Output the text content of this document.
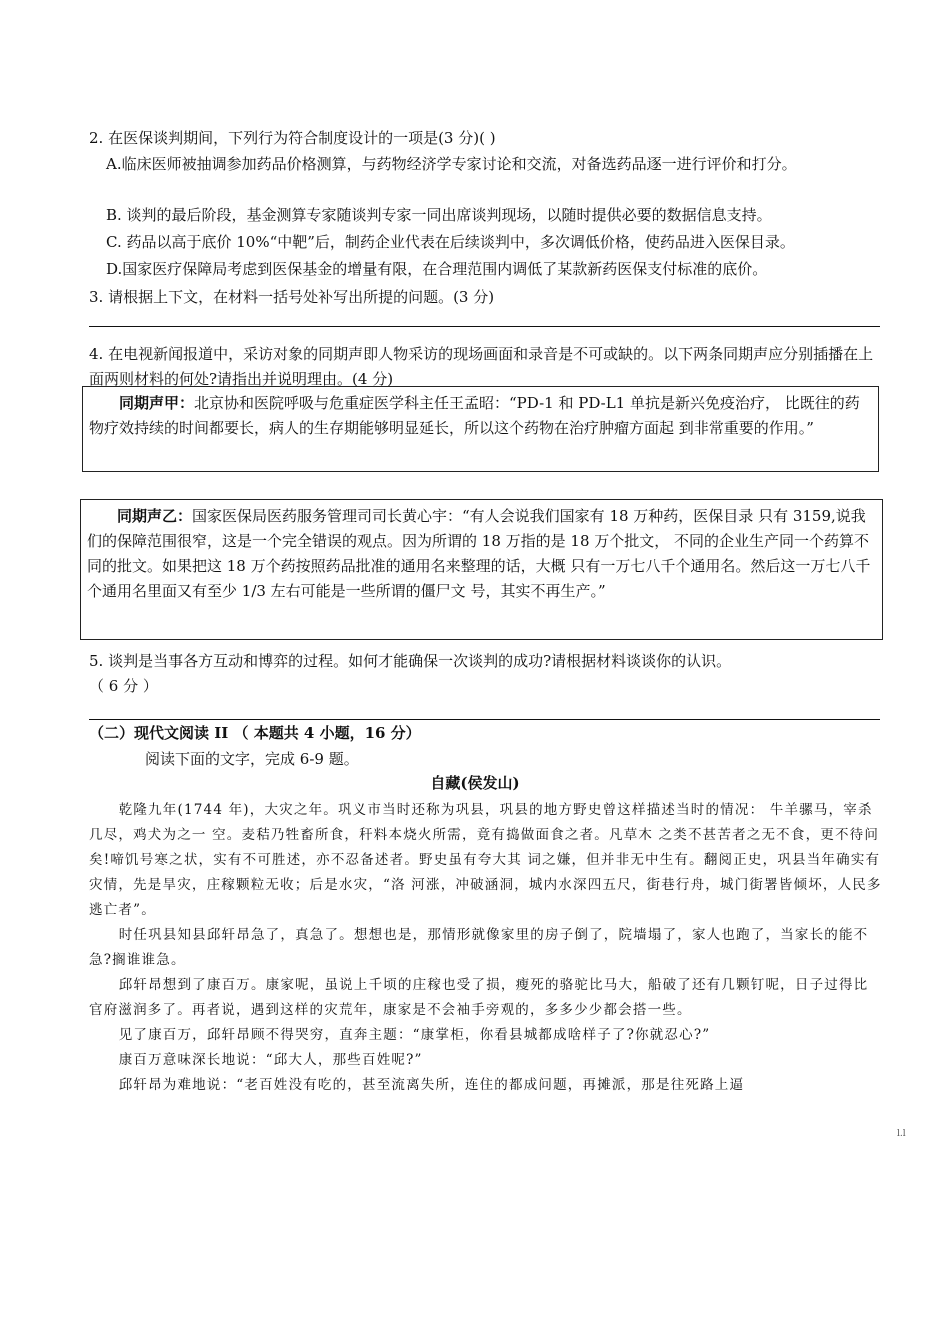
2. 在医保谈判期间，下列行为符合制度设计的一项是(3 分)( )
A.临床医师被抽调参加药品价格测算，与药物经济学专家讨论和交流，对备选药品逐一进行评价和打分。
B. 谈判的最后阶段，基金测算专家随谈判专家一同出席谈判现场，以随时提供必要的数据信息支持。
C. 药品以高于底价 10%“中靶”后，制药企业代表在后续谈判中，多次调低价格，使药品进入医保目录。
D.国家医疗保障局考虑到医保基金的增量有限，在合理范围内调低了某款新药医保支付标准的底价。
3. 请根据上下文，在材料一括号处补写出所提的问题。(3 分)
4. 在电视新闻报道中，采访对象的同期声即人物采访的现场画面和录音是不可或缺的。以下两条同期声应分别插播在上面两则材料的何处?请指出并说明理由。(4 分)
同期声甲：北京协和医院呼吸与危重症医学科主任王孟昭：“PD-1 和 PD-L1 单抗是新兴免疫治疗， 比既往的药物疗效持续的时间都要长，病人的生存期能够明显延长，所以这个药物在治疗肿瘤方面起 到非常重要的作用。”
同期声乙：国家医保局医药服务管理司司长黄心宇：“有人会说我们国家有 18 万种药，医保目录 只有 3159,说我们的保障范围很窄，这是一个完全错误的观点。因为所谓的 18 万指的是 18 万个批文， 不同的企业生产同一个药算不同的批文。如果把这 18 万个药按照药品批准的通用名来整理的话，大概 只有一万七八千个通用名。然后这一万七八千个通用名里面又有至少 1/3 左右可能是一些所谓的僵尸文 号，其实不再生产。”
5. 谈判是当事各方互动和博弈的过程。如何才能确保一次谈判的成功?请根据材料谈谈你的认识。
（ 6 分 ）
（二）现代文阅读 II （ 本题共 4 小题，16 分）
阅读下面的文字，完成 6-9 题。
自藏(侯发山)

乾隆九年(1744 年)，大灾之年。巩义市当时还称为巩县，巩县的地方野史曾这样描述当时的情况： 牛羊骡马，宰杀几尽，鸡犬为之一 空。麦秸乃牲畜所食，秆料本烧火所需，竟有捣做面食之者。凡草木 之类不甚苦者之无不食，更不待问矣!啼饥号寒之状，实有不可胜述，亦不忍备述者。野史虽有夸大其 词之嫌，但并非无中生有。翻阅正史，巩县当年确实有灾情，先是旱灾，庄稼颗粒无收；后是水灾，“洛 河涨，冲破涵洞，城内水深四五尺，街巷行舟，城门街署皆倾坏，人民多逃亡者”。

时任巩县知县邱轩昂急了，真急了。想想也是，那情形就像家里的房子倒了，院墙塌了，家人也跑了，当家长的能不急?搁谁谁急。

邱轩昂想到了康百万。康家呢，虽说上千顷的庄稼也受了损，瘦死的骆驼比马大，船破了还有几颗钉呢，日子过得比官府滋润多了。再者说，遇到这样的灾荒年，康家是不会袖手旁观的，多多少少都会搭一些。

见了康百万，邱轩昂顾不得哭穷，直奔主题：“康掌柜，你看县城都成啥样子了?你就忍心?”

康百万意味深长地说：“邱大人，那些百姓呢?”

邱轩昂为难地说：“老百姓没有吃的，甚至流离失所，连住的都成问题，再摊派，那是往死路上逼

l.l
